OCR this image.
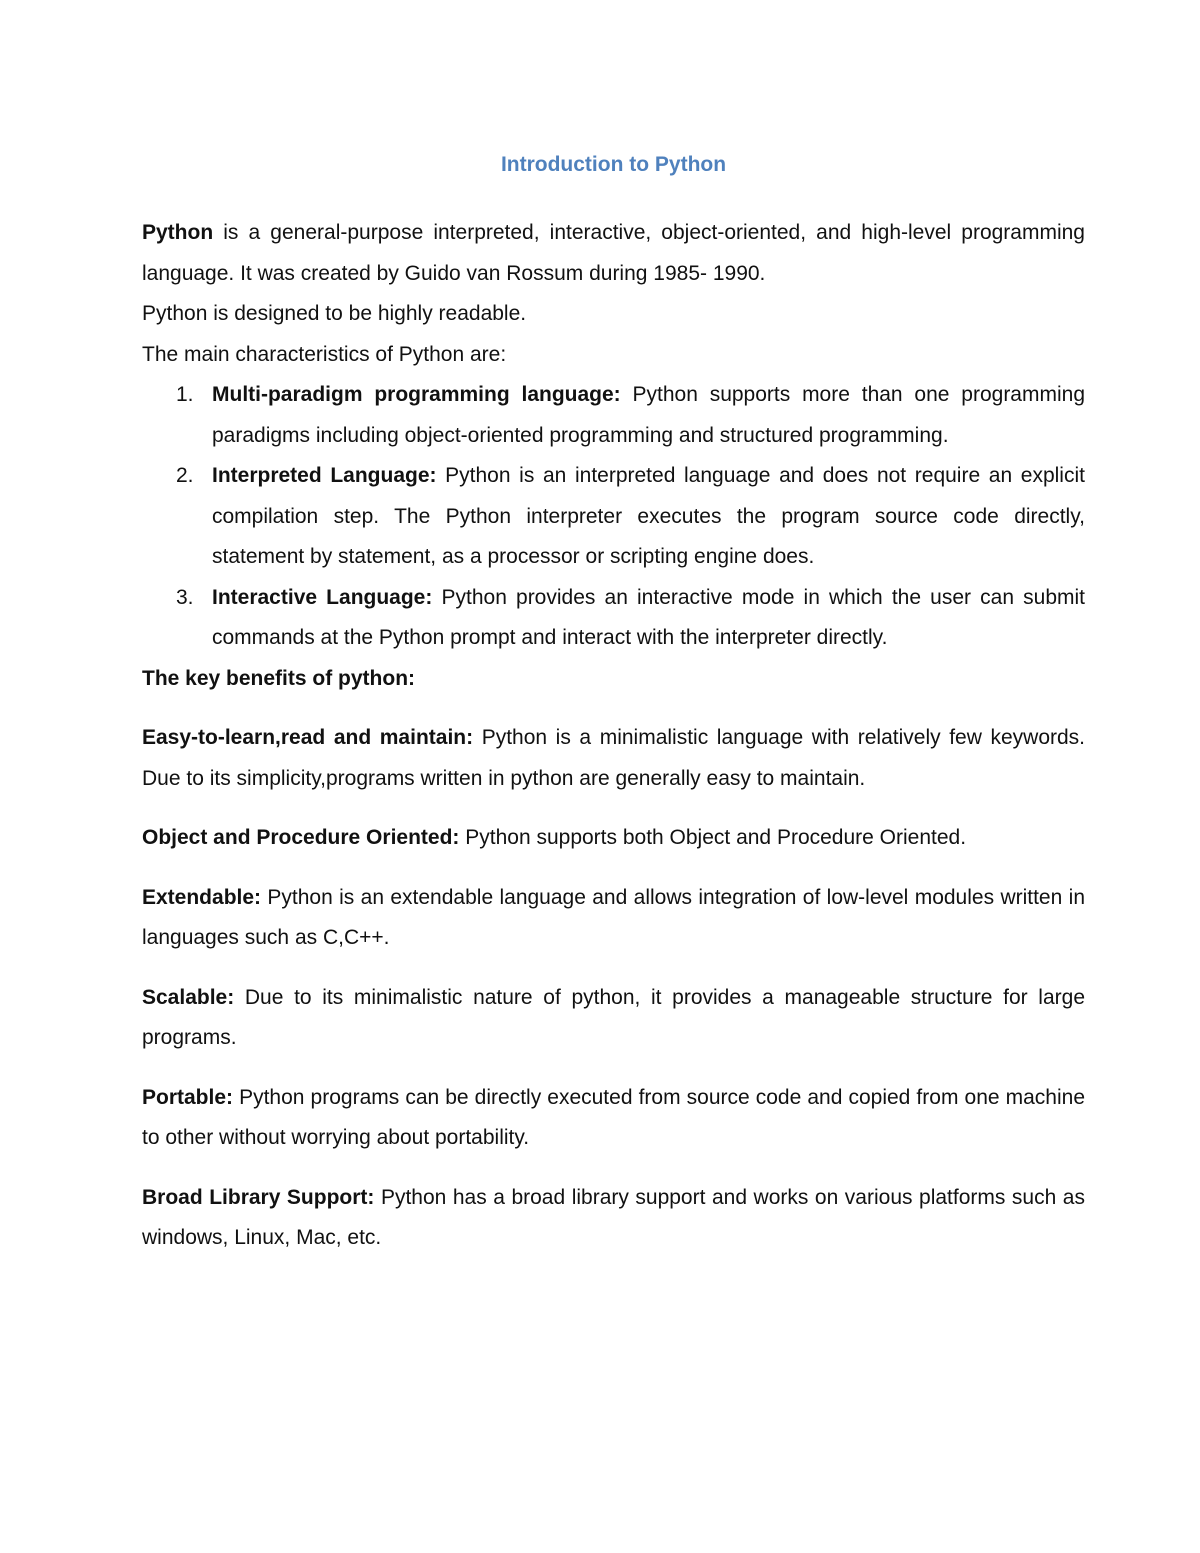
Introduction to Python

Python is a general-purpose interpreted, interactive, object-oriented, and high-level programming language. It was created by Guido van Rossum during 1985- 1990.

Python is designed to be highly readable.

The main characteristics of Python are:

1. Multi-paradigm programming language: Python supports more than one programming paradigms including object-oriented programming and structured programming.
2. Interpreted Language: Python is an interpreted language and does not require an explicit compilation step. The Python interpreter executes the program source code directly, statement by statement, as a processor or scripting engine does.
3. Interactive Language: Python provides an interactive mode in which the user can submit commands at the Python prompt and interact with the interpreter directly.

The key benefits of python:

Easy-to-learn,read and maintain: Python is a minimalistic language with relatively few keywords. Due to its simplicity,programs written in python are generally easy to maintain.

Object and Procedure Oriented: Python supports both Object and Procedure Oriented.

Extendable: Python is an extendable language and allows integration of low-level modules written in languages such as C,C++.

Scalable: Due to its minimalistic nature of python, it provides a manageable structure for large programs.

Portable: Python programs can be directly executed from source code and copied from one machine to other without worrying about portability.

Broad Library Support: Python has a broad library support and works on various platforms such as windows, Linux, Mac, etc.
